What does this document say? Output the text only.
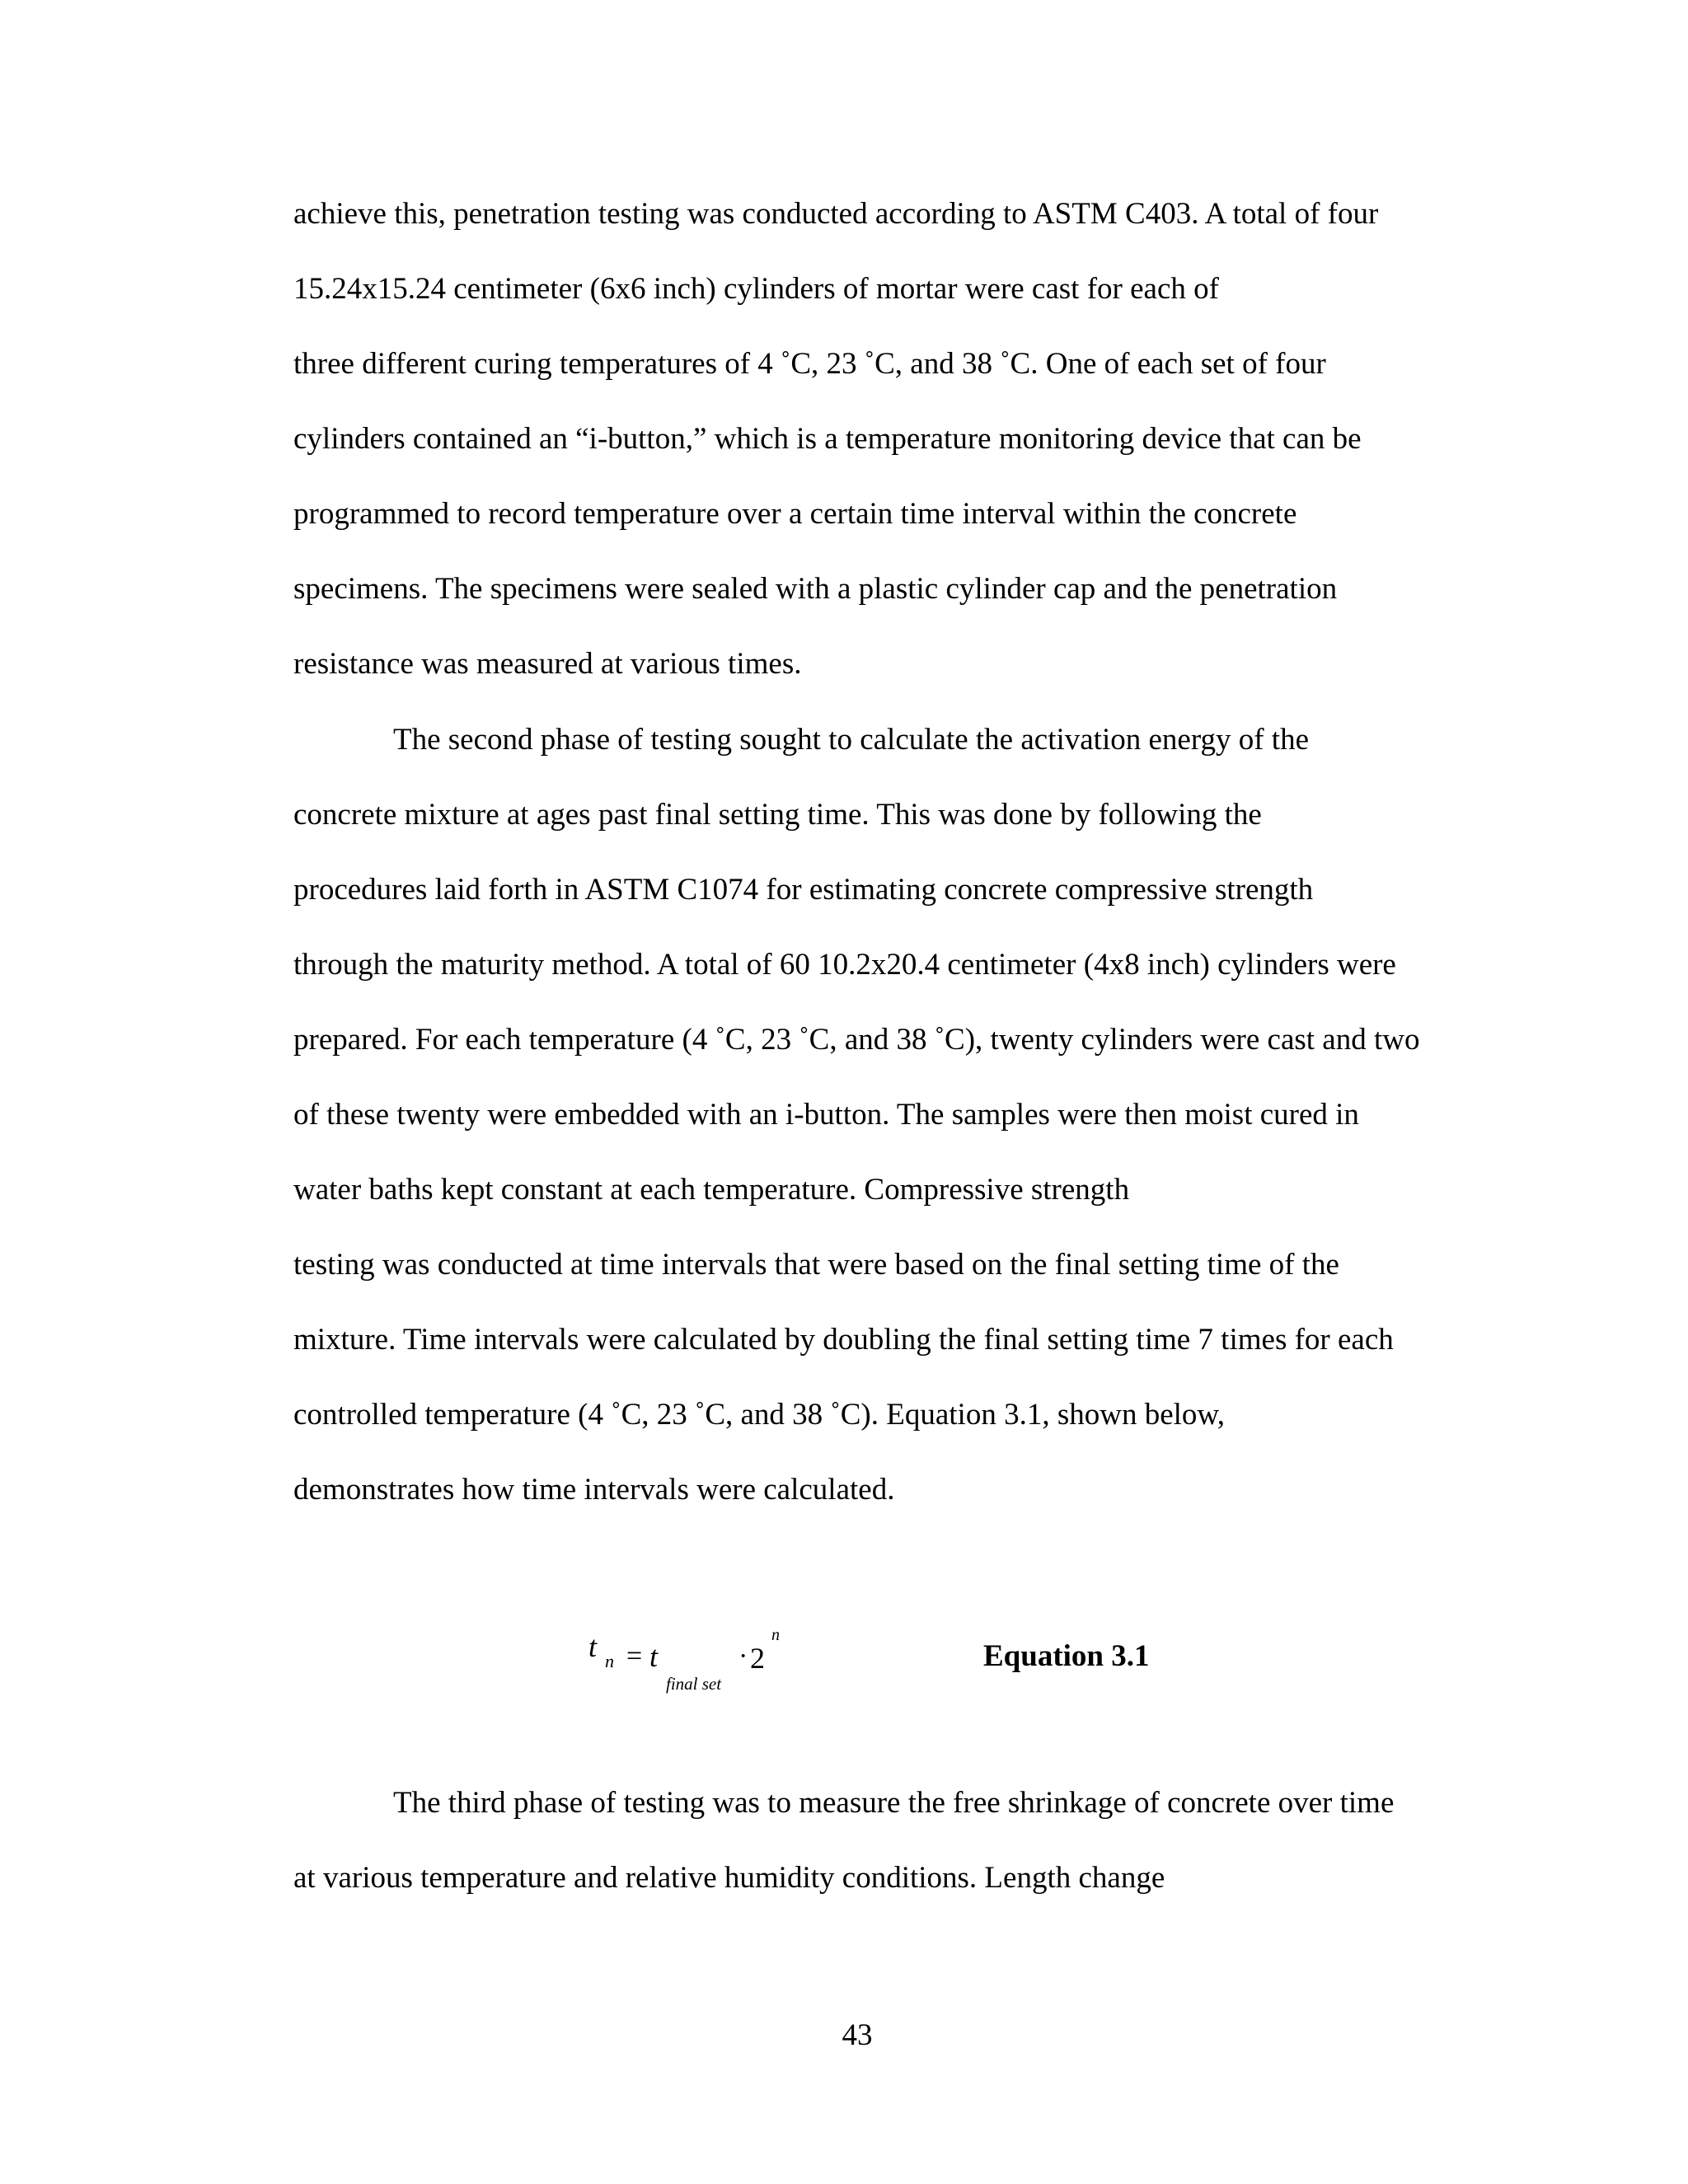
achieve this, penetration testing was conducted according to ASTM C403. A total of four
15.24x15.24 centimeter (6x6 inch) cylinders of mortar were cast for each of
three different curing temperatures of 4 ˚C, 23 ˚C, and 38 ˚C. One of each set of four
cylinders contained an “i-button,” which is a temperature monitoring device that can be
programmed to record temperature over a certain time interval within the concrete
specimens. The specimens were sealed with a plastic cylinder cap and the penetration
resistance was measured at various times.
The second phase of testing sought to calculate the activation energy of the
concrete mixture at ages past final setting time. This was done by following the
procedures laid forth in ASTM C1074 for estimating concrete compressive strength
through the maturity method. A total of 60 10.2x20.4 centimeter (4x8 inch) cylinders were
prepared. For each temperature (4 ˚C, 23 ˚C, and 38 ˚C), twenty cylinders were cast and two
of these twenty were embedded with an i-button. The samples were then moist cured in
water baths kept constant at each temperature. Compressive strength
testing was conducted at time intervals that were based on the final setting time of the
mixture. Time intervals were calculated by doubling the final setting time 7 times for each
controlled temperature (4 ˚C, 23 ˚C, and 38 ˚C). Equation 3.1, shown below,
demonstrates how time intervals were calculated.
t n = t
final set
· 2
n
Equation 3.1
The third phase of testing was to measure the free shrinkage of concrete over time
at various temperature and relative humidity conditions. Length change
43
